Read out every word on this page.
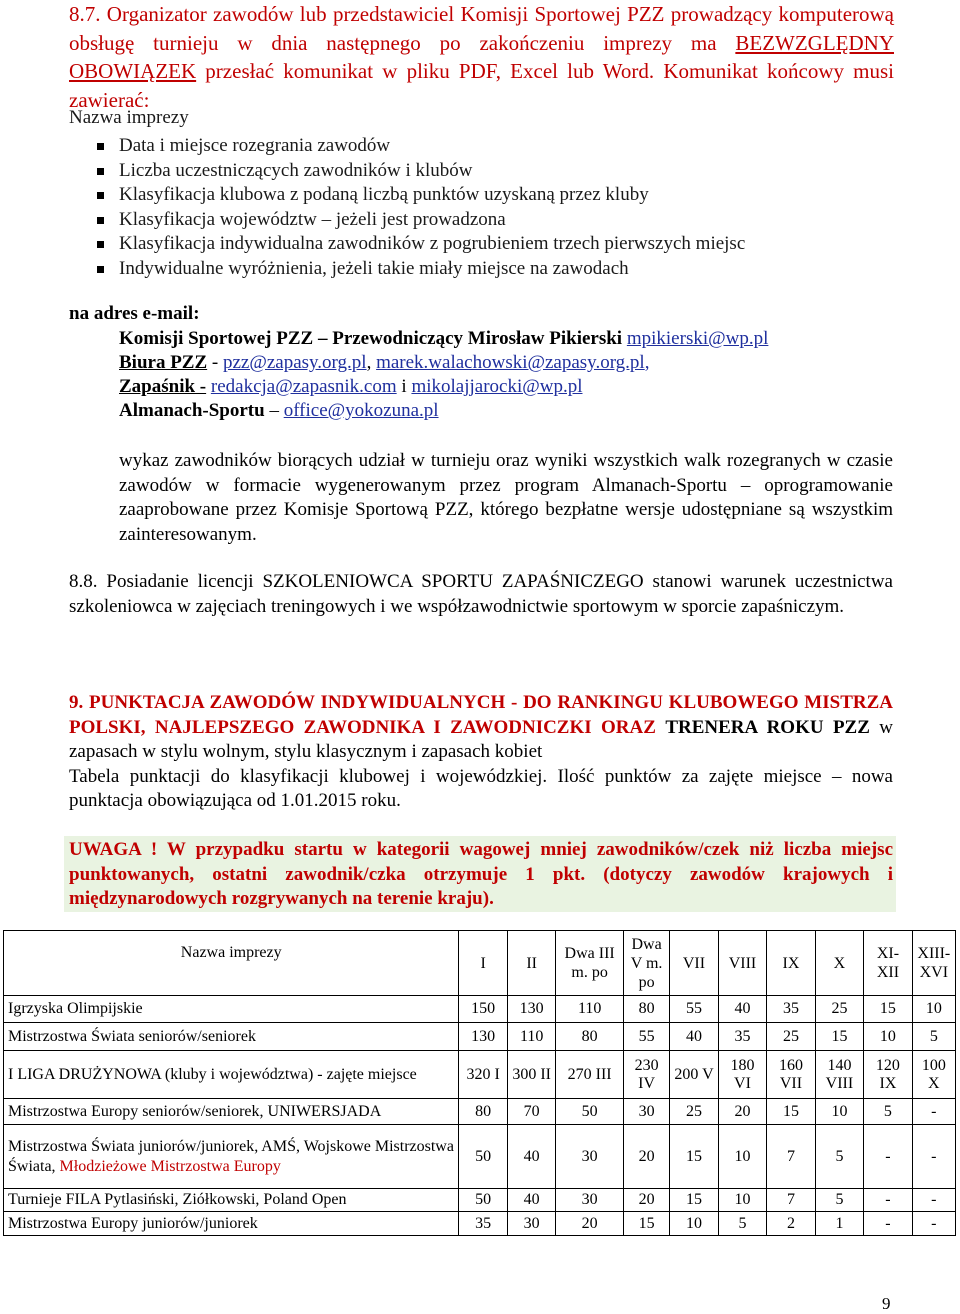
8.7. Organizator zawodów lub przedstawiciel Komisji Sportowej PZZ prowadzący komputerową obsługę turnieju w dnia następnego po zakończeniu imprezy ma BEZWZGLĘDNY OBOWIĄZEK przesłać komunikat w pliku PDF, Excel lub Word. Komunikat końcowy musi zawierać:
Nazwa imprezy
Data i miejsce rozegrania zawodów
Liczba uczestniczących zawodników i klubów
Klasyfikacja klubowa z podaną liczbą punktów uzyskaną przez kluby
Klasyfikacja województw – jeżeli jest prowadzona
Klasyfikacja indywidualna zawodników z pogrubieniem trzech pierwszych miejsc
Indywidualne wyróżnienia, jeżeli takie miały miejsce na zawodach
na adres e-mail:
Komisji Sportowej PZZ – Przewodniczący Mirosław Pikierski mpikierski@wp.pl
Biura PZZ - pzz@zapasy.org.pl, marek.walachowski@zapasy.org.pl,
Zapaśnik - redakcja@zapasnik.com i mikolajjarocki@wp.pl
Almanach-Sportu – office@yokozuna.pl
wykaz zawodników biorących udział w turnieju oraz wyniki wszystkich walk rozegranych w czasie zawodów w formacie wygenerowanym przez program Almanach-Sportu – oprogramowanie zaaprobowane przez Komisje Sportową PZZ, którego bezpłatne wersje udostępniane są wszystkim zainteresowanym.
8.8. Posiadanie licencji SZKOLENIOWCA SPORTU ZAPAŚNICZEGO stanowi warunek uczestnictwa szkoleniowca w zajęciach treningowych i we współzawodnictwie sportowym w sporcie zapaśniczym.
9. PUNKTACJA ZAWODÓW INDYWIDUALNYCH - DO RANKINGU KLUBOWEGO MISTRZA POLSKI, NAJLEPSZEGO ZAWODNIKA I ZAWODNICZKI ORAZ TRENERA ROKU PZZ w zapasach w stylu wolnym, stylu klasycznym i zapasach kobiet
Tabela punktacji do klasyfikacji klubowej i wojewódzkiej. Ilość punktów za zajęte miejsce – nowa punktacja obowiązująca od 1.01.2015 roku.
UWAGA ! W przypadku startu w kategorii wagowej mniej zawodników/czek niż liczba miejsc punktowanych, ostatni zawodnik/czka otrzymuje 1 pkt. (dotyczy zawodów krajowych i międzynarodowych rozgrywanych na terenie kraju).
Nazwa imprezy	I	II	Dwa III m. po	Dwa V m. po	VII	VIII	IX	X	XI-XII	XIII-XVI
Igrzyska Olimpijskie	150	130	110	80	55	40	35	25	15	10
Mistrzostwa Świata seniorów/seniorek	130	110	80	55	40	35	25	15	10	5
I LIGA DRUŻYNOWA (kluby i województwa) - zajęte miejsce	320 I	300 II	270 III	230 IV	200 V	180 VI	160 VII	140 VIII	120 IX	100 X
Mistrzostwa Europy seniorów/seniorek, UNIWERSJADA	80	70	50	30	25	20	15	10	5	-
Mistrzostwa Świata juniorów/juniorek, AMŚ, Wojskowe Mistrzostwa Świata, Młodzieżowe Mistrzostwa Europy	50	40	30	20	15	10	7	5	-	-
Turnieje FILA Pytlasiński, Ziółkowski, Poland Open	50	40	30	20	15	10	7	5	-	-
Mistrzostwa Europy juniorów/juniorek	35	30	20	15	10	5	2	1	-	-
9
